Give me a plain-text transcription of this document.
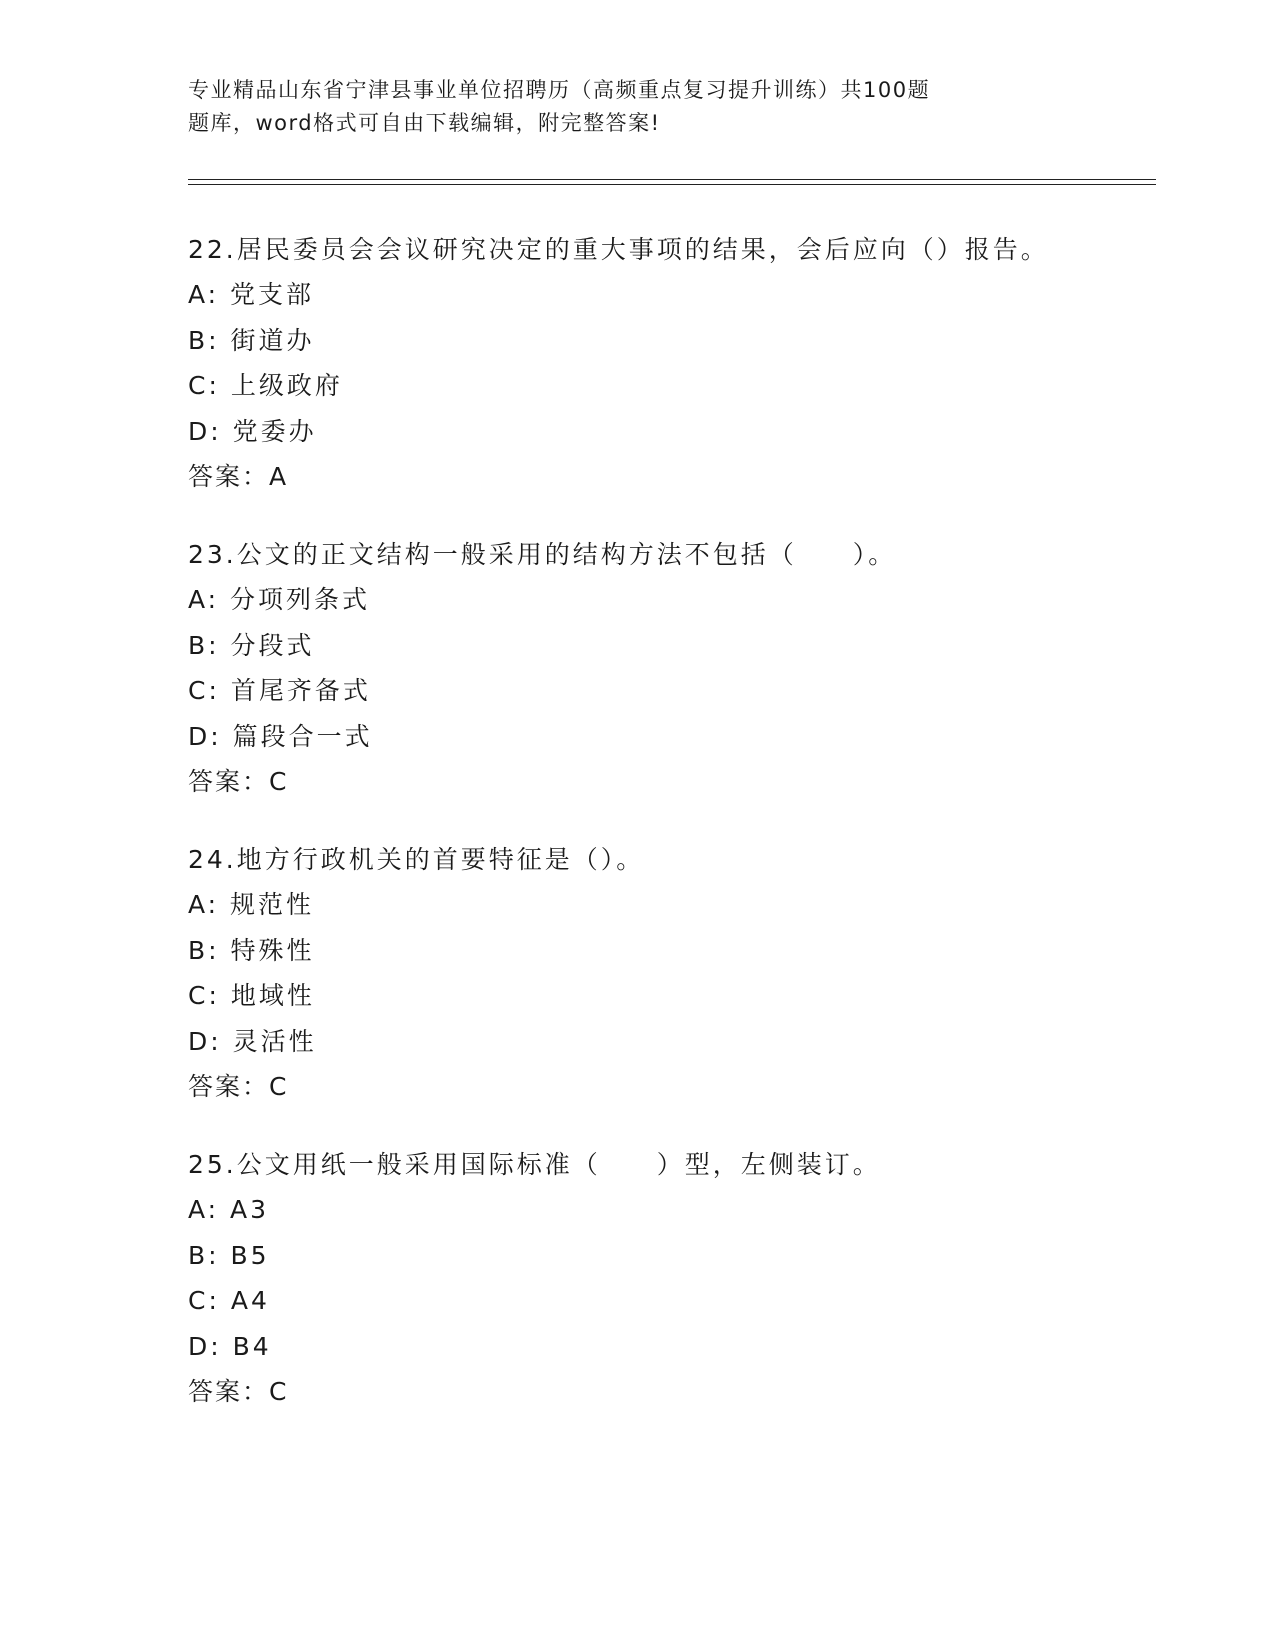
专业精品山东省宁津县事业单位招聘历（高频重点复习提升训练）共100题

题库，word格式可自由下载编辑，附完整答案!

22.居民委员会会议研究决定的重大事项的结果，会后应向（）报告。
A: 党支部
B: 街道办
C: 上级政府
D: 党委办
答案：A
23.公文的正文结构一般采用的结构方法不包括（　　）。
A: 分项列条式
B: 分段式
C: 首尾齐备式
D: 篇段合一式
答案：C
24.地方行政机关的首要特征是（）。
A: 规范性
B: 特殊性
C: 地域性
D: 灵活性
答案：C
25.公文用纸一般采用国际标准（　　）型，左侧装订。
A: A3
B: B5
C: A4
D: B4
答案：C
